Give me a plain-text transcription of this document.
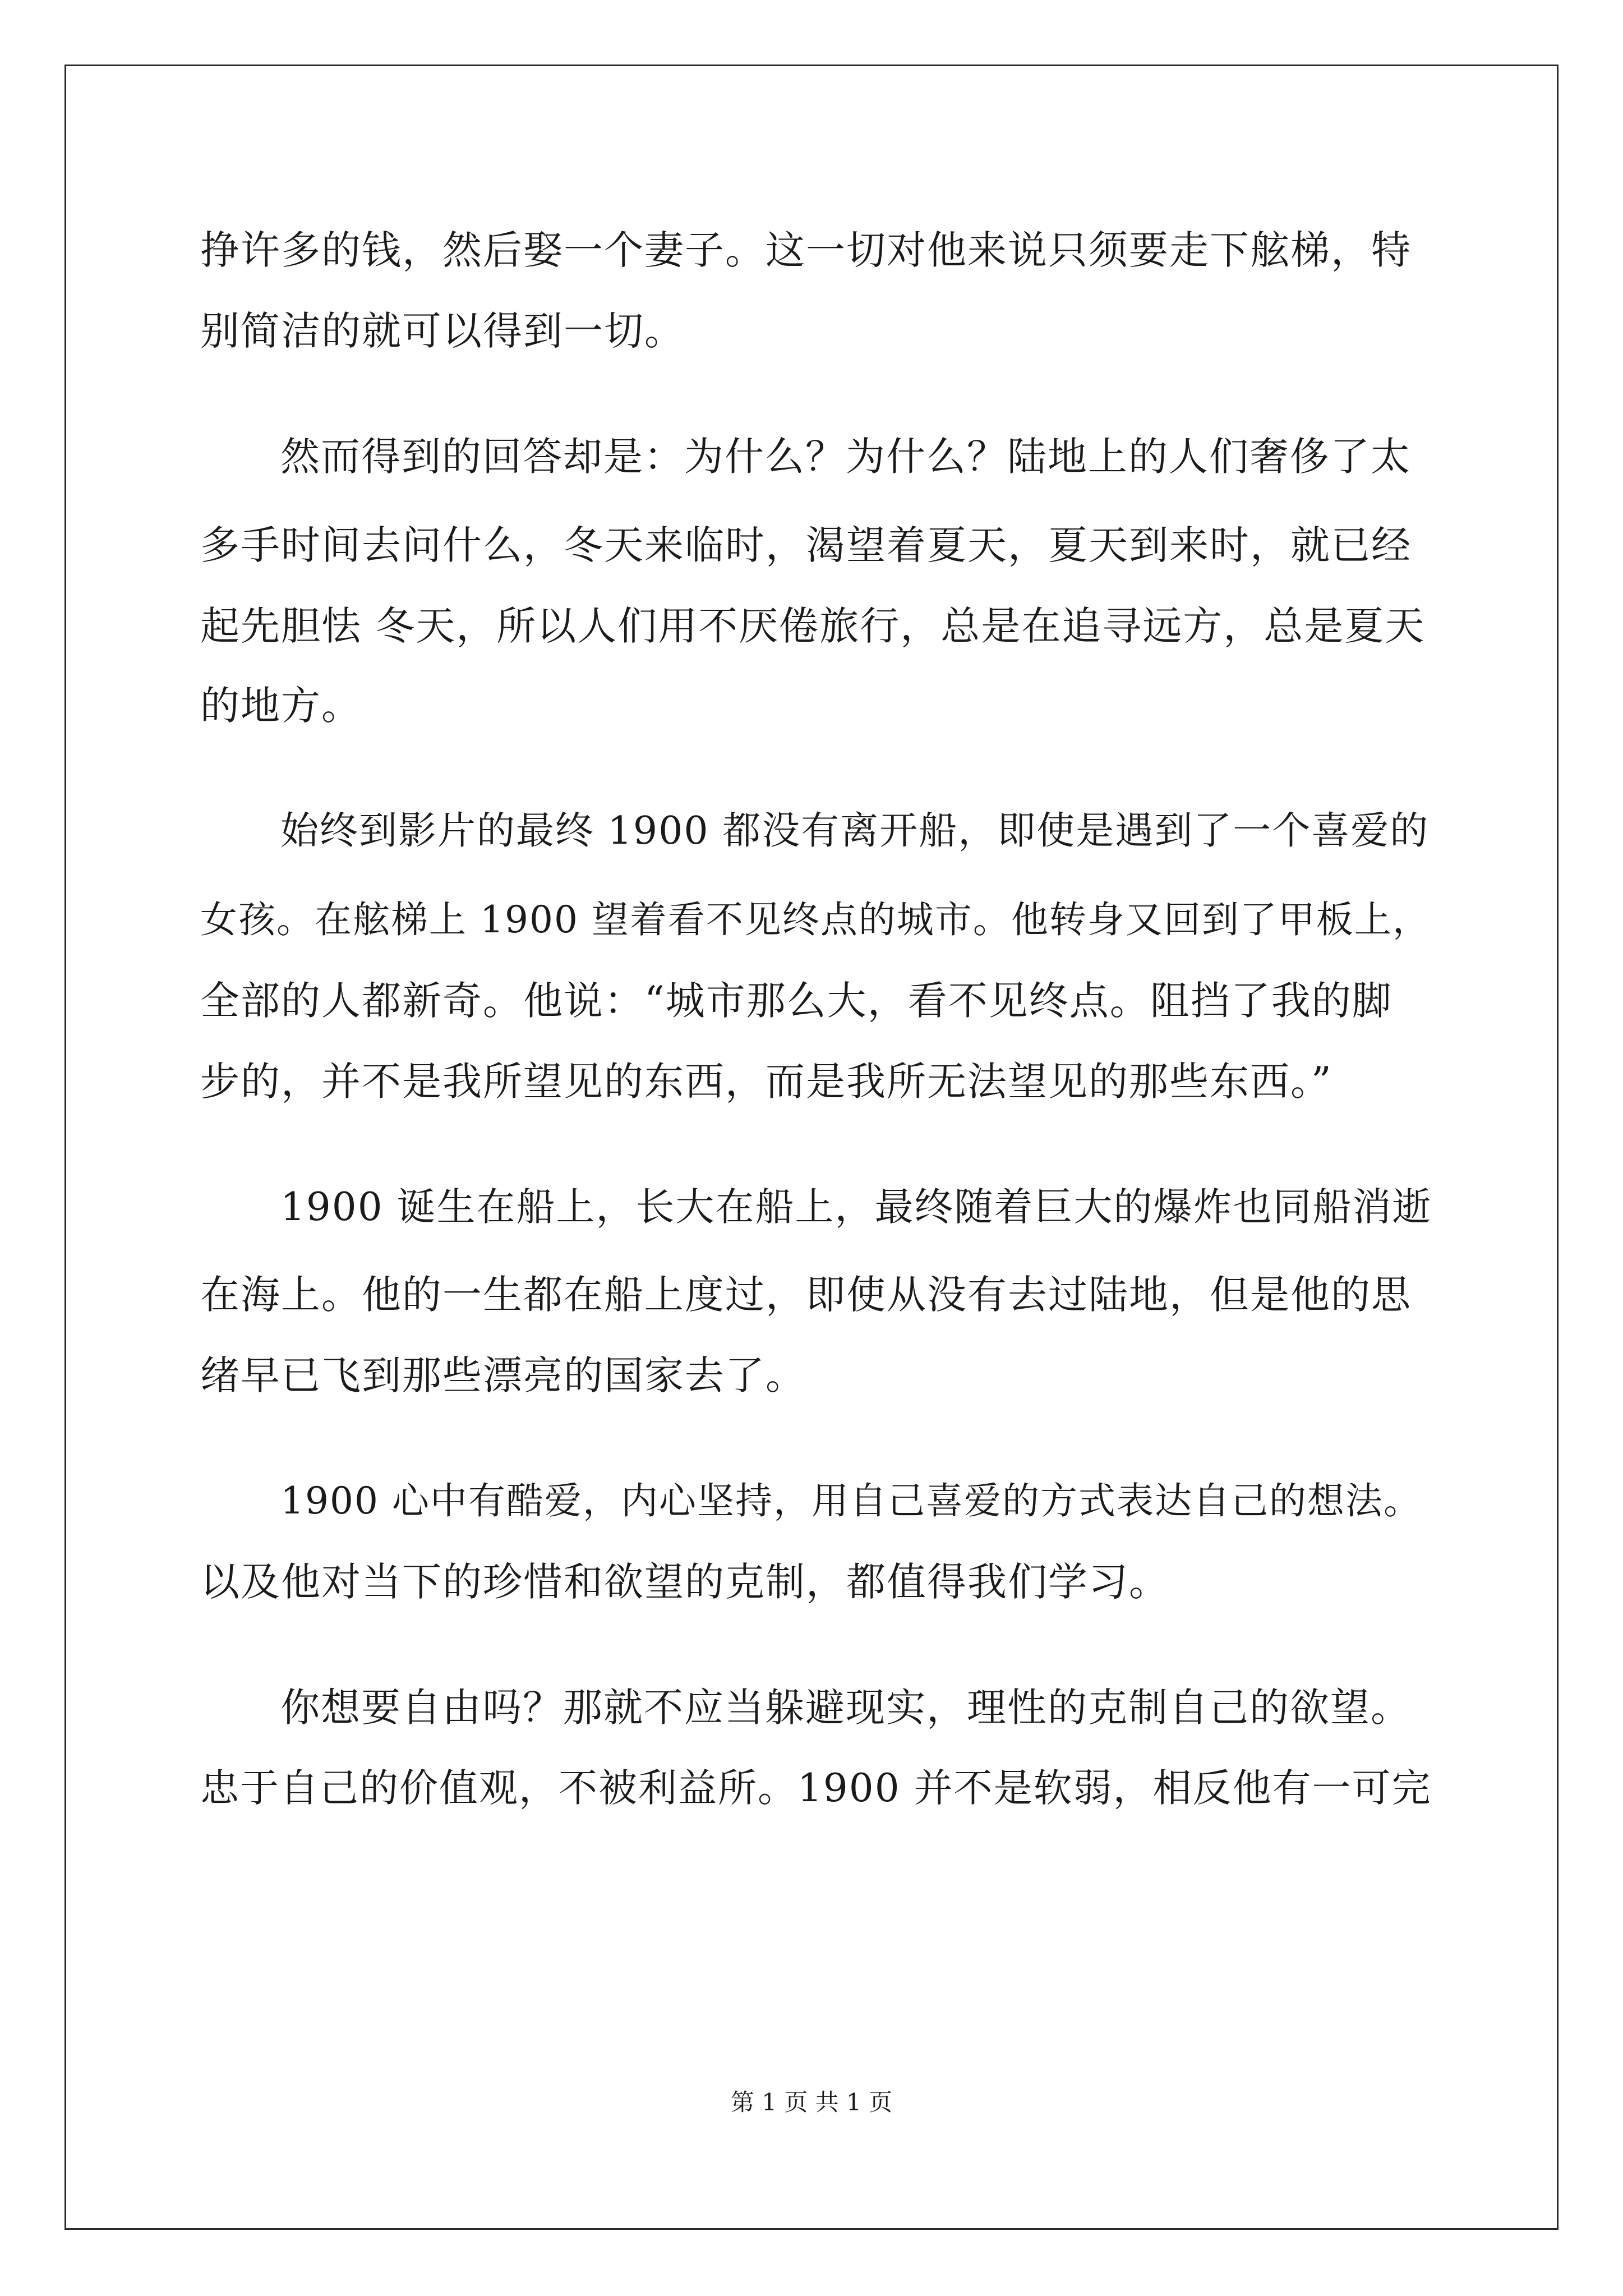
挣许多的钱，然后娶一个妻子。这一切对他来说只须要走下舷梯，特

别简洁的就可以得到一切。

然而得到的回答却是：为什么？为什么？陆地上的人们奢侈了太

多手时间去问什么，冬天来临时，渴望着夏天，夏天到来时，就已经

起先胆怯 冬天，所以人们用不厌倦旅行，总是在追寻远方，总是夏天

的地方。

始终到影片的最终 1900 都没有离开船，即使是遇到了一个喜爱的

女孩。在舷梯上 1900 望着看不见终点的城市。他转身又回到了甲板上，

全部的人都新奇。他说：“城市那么大，看不见终点。阻挡了我的脚

步的，并不是我所望见的东西，而是我所无法望见的那些东西。”

1900 诞生在船上，长大在船上，最终随着巨大的爆炸也同船消逝

在海上。他的一生都在船上度过，即使从没有去过陆地，但是他的思

绪早已飞到那些漂亮的国家去了。

1900 心中有酷爱，内心坚持，用自己喜爱的方式表达自己的想法。

以及他对当下的珍惜和欲望的克制，都值得我们学习。

你想要自由吗？那就不应当躲避现实，理性的克制自己的欲望。

忠于自己的价值观，不被利益所。1900 并不是软弱，相反他有一可完

第 1 页 共 1 页
